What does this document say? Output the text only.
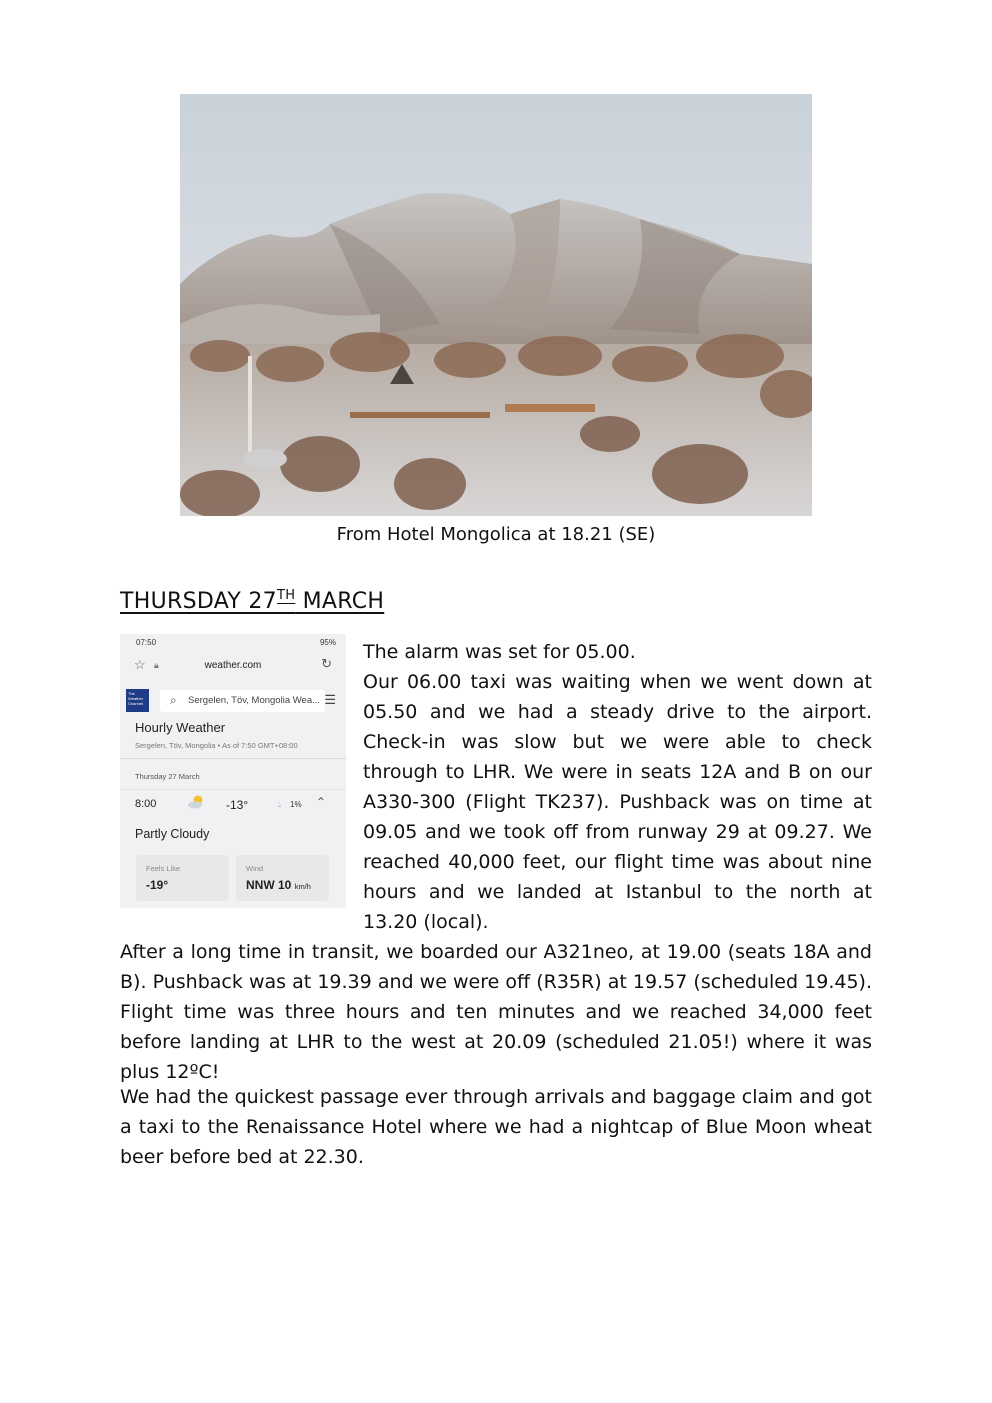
From Hotel Mongolica at 18.21 (SE)
THURSDAY 27TH MARCH
07:50	95%
☆ 🔒︎	weather.com	↻
The Weather Channel	⌕ Sergelen, Töv, Mongolia Wea... ☰
Hourly Weather
Sergelen, Töv, Mongolia • As of 7:50 GMT+08:00
Thursday 27 March
8:00	-13°	💧︎ 1% ⌃
Partly Cloudy
Feels Like
-19°
Wind
NNW 10 km/h
The alarm was set for 05.00.
Our 06.00 taxi was waiting when we went down at 05.50 and we had a steady drive to the airport. Check-in was slow but we were able to check through to LHR. We were in seats 12A and B on our A330-300 (Flight TK237). Pushback was on time at 09.05 and we took off from runway 29 at 09.27. We reached 40,000 feet, our flight time was about nine hours and we landed at Istanbul to the north at 13.20 (local).
After a long time in transit, we boarded our A321neo, at 19.00 (seats 18A and B). Pushback was at 19.39 and we were off (R35R) at 19.57 (scheduled 19.45). Flight time was three hours and ten minutes and we reached 34,000 feet before landing at LHR to the west at 20.09 (scheduled 21.05!) where it was plus 12ºC!
We had the quickest passage ever through arrivals and baggage claim and got a taxi to the Renaissance Hotel where we had a nightcap of Blue Moon wheat beer before bed at 22.30.
